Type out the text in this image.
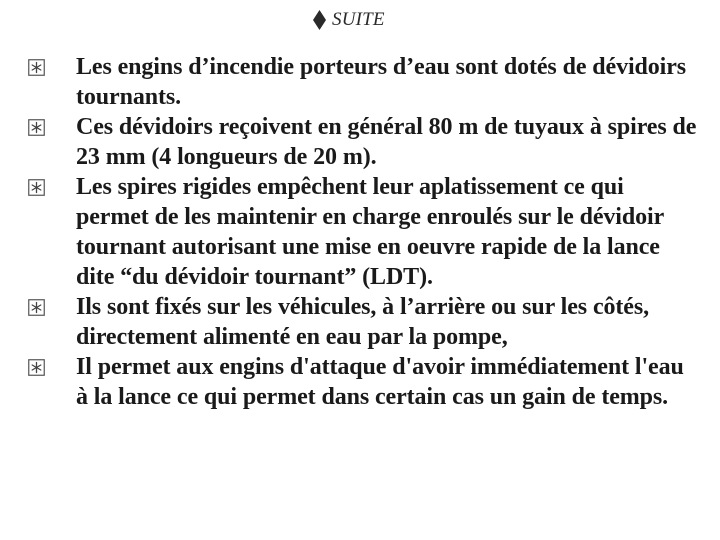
SUITE
Les engins d’incendie porteurs d’eau sont dotés de dévidoirs tournants.
Ces dévidoirs reçoivent en général 80 m de tuyaux à spires de 23 mm (4 longueurs de 20 m).
Les spires rigides empêchent leur aplatissement ce qui permet de les maintenir en charge enroulés sur le dévidoir tournant autorisant une mise en oeuvre rapide de la lance dite “du dévidoir tournant” (LDT).
Ils sont fixés sur les véhicules, à l’arrière ou sur les côtés, directement alimenté en eau par la pompe,
Il permet aux engins d'attaque d'avoir immédiatement l'eau à la lance ce qui permet dans certain cas un gain de temps.
